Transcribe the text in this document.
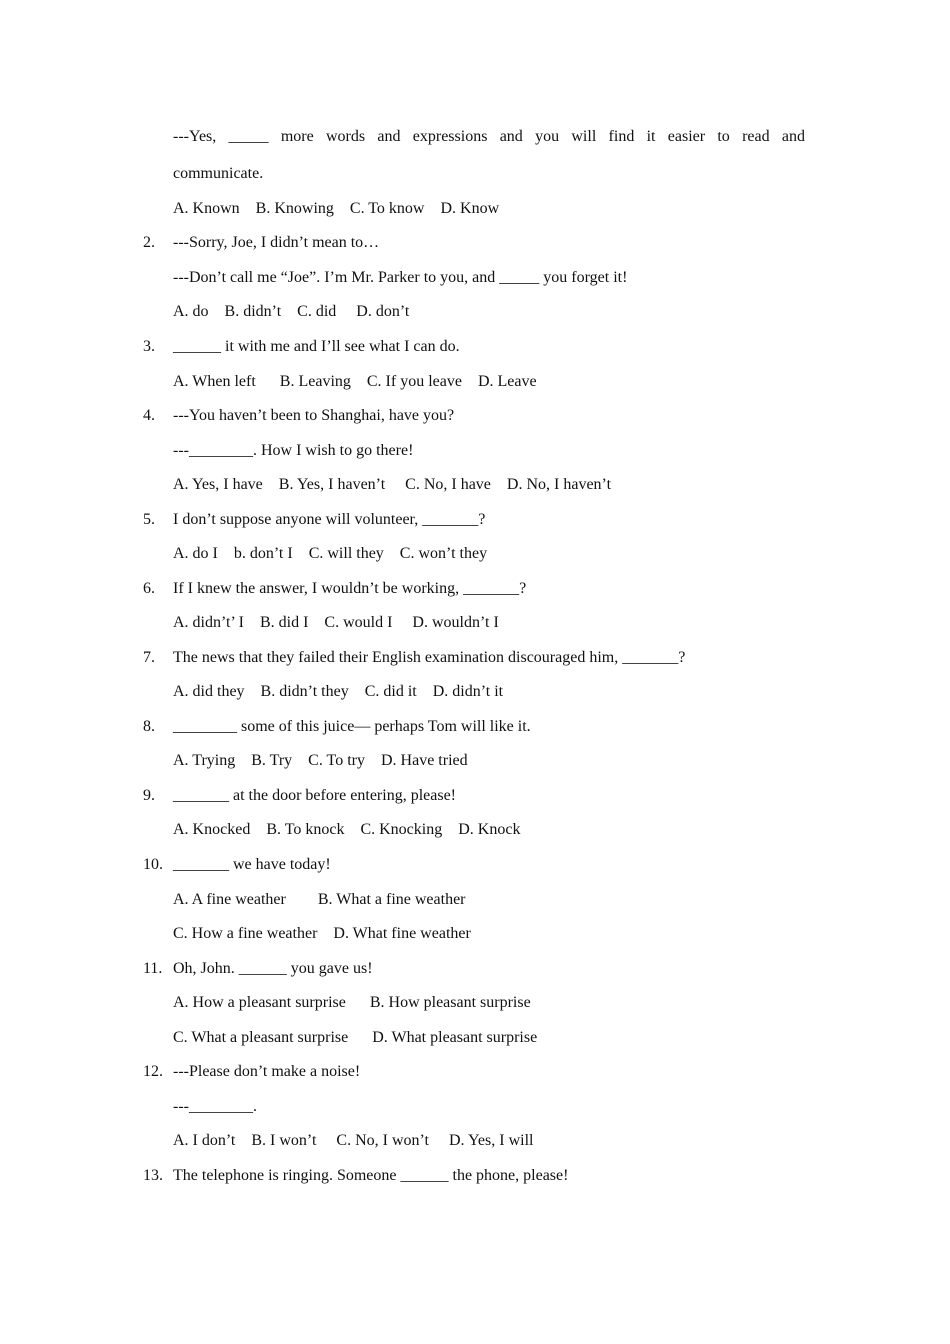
---Yes, _____ more words and expressions and you will find it easier to read and
communicate.
A. Known    B. Knowing    C. To know    D. Know
2. ---Sorry, Joe, I didn’t mean to…
---Don’t call me “Joe”. I’m Mr. Parker to you, and _____ you forget it!
A. do    B. didn’t    C. did     D. don’t
3. ______ it with me and I’ll see what I can do.
A. When left      B. Leaving    C. If you leave    D. Leave
4. ---You haven’t been to Shanghai, have you?
---________. How I wish to go there!
A. Yes, I have    B. Yes, I haven’t     C. No, I have    D. No, I haven’t
5. I don’t suppose anyone will volunteer, _______?
A. do I    b. don’t I    C. will they    C. won’t they
6. If I knew the answer, I wouldn’t be working, _______?
A. didn’t’ I    B. did I    C. would I     D. wouldn’t I
7. The news that they failed their English examination discouraged him, _______?
A. did they    B. didn’t they    C. did it    D. didn’t it
8. ________ some of this juice— perhaps Tom will like it.
A. Trying    B. Try    C. To try    D. Have tried
9. _______ at the door before entering, please!
A. Knocked    B. To knock    C. Knocking    D. Knock
10. _______ we have today!
A. A fine weather        B. What a fine weather
C. How a fine weather    D. What fine weather
11. Oh, John. ______ you gave us!
A. How a pleasant surprise      B. How pleasant surprise
C. What a pleasant surprise      D. What pleasant surprise
12. ---Please don’t make a noise!
---________.
A. I don’t    B. I won’t     C. No, I won’t     D. Yes, I will
13. The telephone is ringing. Someone ______ the phone, please!
